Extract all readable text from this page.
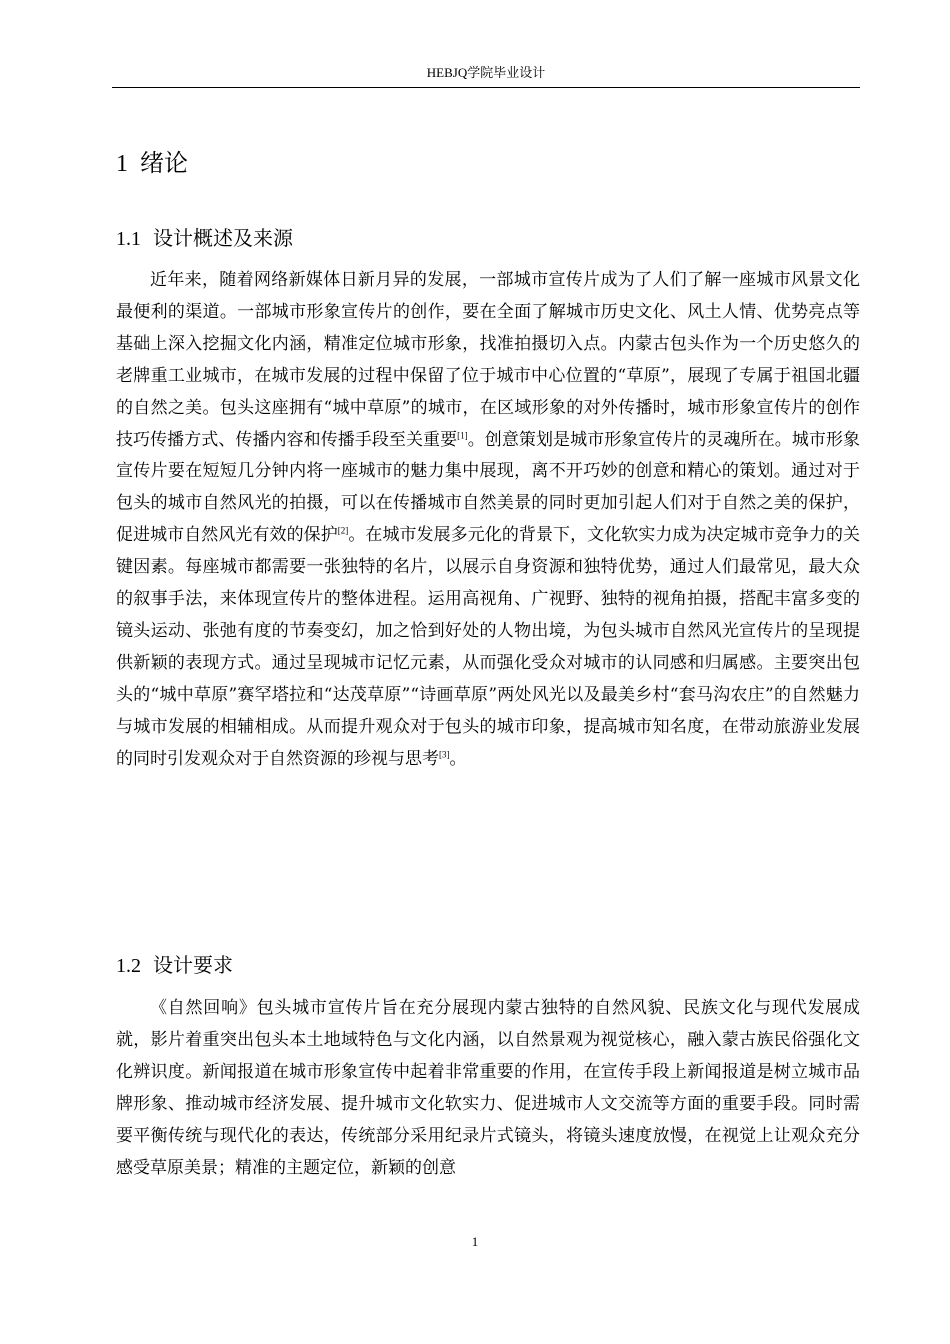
HEBJQ学院毕业设计
1 绪论
1.1 设计概述及来源

近年来，随着网络新媒体日新月异的发展，一部城市宣传片成为了人们了解一座城市风景文化最便利的渠道。一部城市形象宣传片的创作，要在全面了解城市历史文化、风土人情、优势亮点等基础上深入挖掘文化内涵，精准定位城市形象，找准拍摄切入点。内蒙古包头作为一个历史悠久的老牌重工业城市，在城市发展的过程中保留了位于城市中心位置的“草原”，展现了专属于祖国北疆的自然之美。包头这座拥有“城中草原”的城市，在区域形象的对外传播时，城市形象宣传片的创作技巧传播方式、传播内容和传播手段至关重要[1]。创意策划是城市形象宣传片的灵魂所在。城市形象宣传片要在短短几分钟内将一座城市的魅力集中展现，离不开巧妙的创意和精心的策划。通过对于包头的城市自然风光的拍摄，可以在传播城市自然美景的同时更加引起人们对于自然之美的保护，促进城市自然风光有效的保护[2]。在城市发展多元化的背景下，文化软实力成为决定城市竞争力的关键因素。每座城市都需要一张独特的名片，以展示自身资源和独特优势，通过人们最常见，最大众的叙事手法，来体现宣传片的整体进程。运用高视角、广视野、独特的视角拍摄，搭配丰富多变的镜头运动、张弛有度的节奏变幻，加之恰到好处的人物出境，为包头城市自然风光宣传片的呈现提供新颖的表现方式。通过呈现城市记忆元素，从而强化受众对城市的认同感和归属感。主要突出包头的“城中草原”赛罕塔拉和“达茂草原”“诗画草原”两处风光以及最美乡村“套马沟农庄”的自然魅力与城市发展的相辅相成。从而提升观众对于包头的城市印象，提高城市知名度，在带动旅游业发展的同时引发观众对于自然资源的珍视与思考[3]。

1.2 设计要求

《自然回响》包头城市宣传片旨在充分展现内蒙古独特的自然风貌、民族文化与现代发展成就，影片着重突出包头本土地域特色与文化内涵，以自然景观为视觉核心，融入蒙古族民俗强化文化辨识度。新闻报道在城市形象宣传中起着非常重要的作用，在宣传手段上新闻报道是树立城市品牌形象、推动城市经济发展、提升城市文化软实力、促进城市人文交流等方面的重要手段。同时需要平衡传统与现代化的表达，传统部分采用纪录片式镜头，将镜头速度放慢，在视觉上让观众充分感受草原美景；精准的主题定位，新颖的创意

1
